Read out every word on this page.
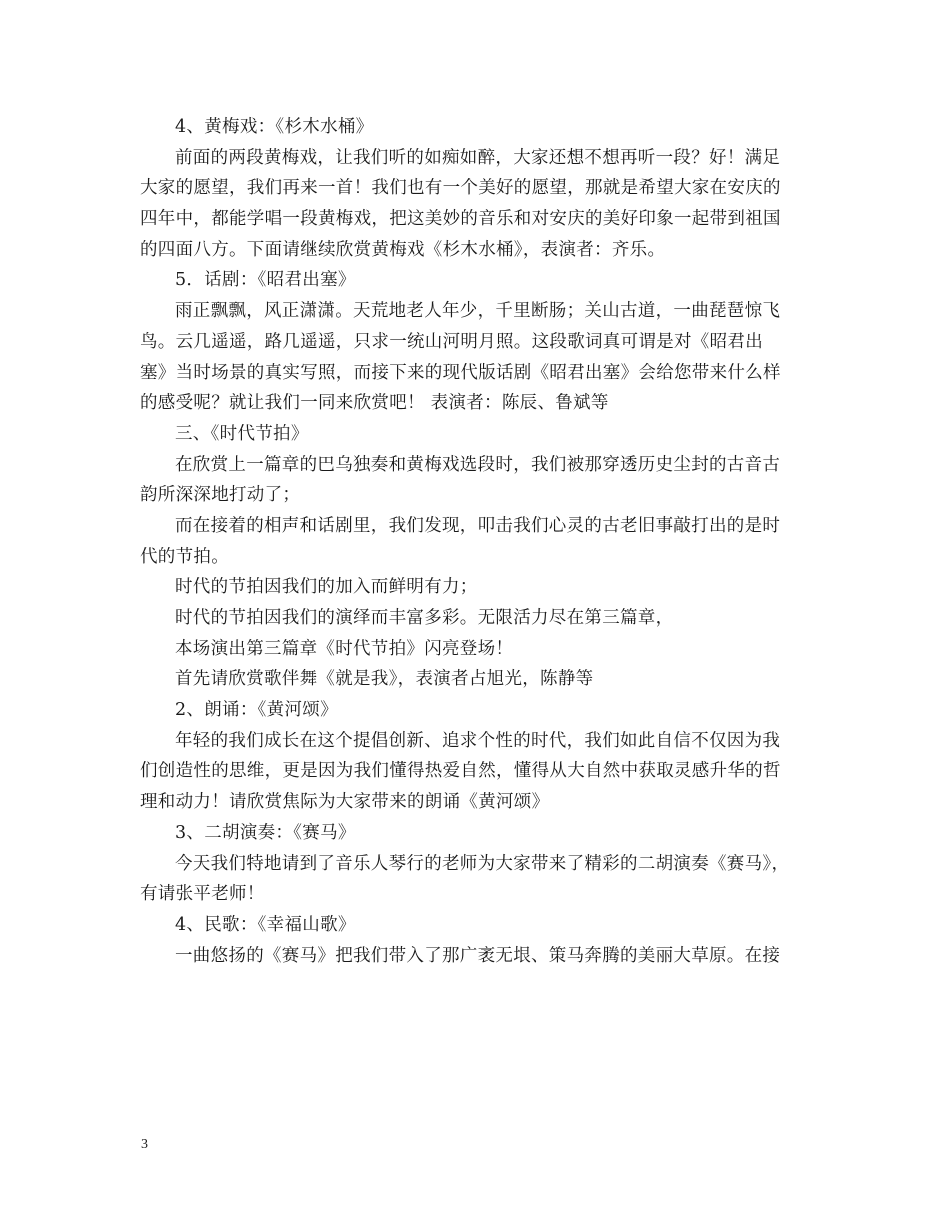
4、黄梅戏：《杉木水桶》
前面的两段黄梅戏，让我们听的如痴如醉，大家还想不想再听一段？好！满足
大家的愿望，我们再来一首！我们也有一个美好的愿望，那就是希望大家在安庆的
四年中，都能学唱一段黄梅戏，把这美妙的音乐和对安庆的美好印象一起带到祖国
的四面八方。下面请继续欣赏黄梅戏《杉木水桶》，表演者：齐乐。
5．话剧：《昭君出塞》
雨正飘飘，风正潇潇。天荒地老人年少，千里断肠；关山古道，一曲琵琶惊飞
鸟。云几遥遥，路几遥遥，只求一统山河明月照。这段歌词真可谓是对《昭君出
塞》当时场景的真实写照，而接下来的现代版话剧《昭君出塞》会给您带来什么样
的感受呢？就让我们一同来欣赏吧！ 表演者：陈辰、鲁斌等
三、《时代节拍》
在欣赏上一篇章的巴乌独奏和黄梅戏选段时，我们被那穿透历史尘封的古音古
韵所深深地打动了；
而在接着的相声和话剧里，我们发现，叩击我们心灵的古老旧事敲打出的是时
代的节拍。
时代的节拍因我们的加入而鲜明有力；
时代的节拍因我们的演绎而丰富多彩。无限活力尽在第三篇章，
本场演出第三篇章《时代节拍》闪亮登场！
首先请欣赏歌伴舞《就是我》，表演者占旭光，陈静等
2、朗诵：《黄河颂》
年轻的我们成长在这个提倡创新、追求个性的时代，我们如此自信不仅因为我
们创造性的思维，更是因为我们懂得热爱自然，懂得从大自然中获取灵感升华的哲
理和动力！请欣赏焦际为大家带来的朗诵《黄河颂》
3、二胡演奏：《赛马》
今天我们特地请到了音乐人琴行的老师为大家带来了精彩的二胡演奏《赛马》，
有请张平老师！
4、民歌：《幸福山歌》
一曲悠扬的《赛马》把我们带入了那广袤无垠、策马奔腾的美丽大草原。在接
3
